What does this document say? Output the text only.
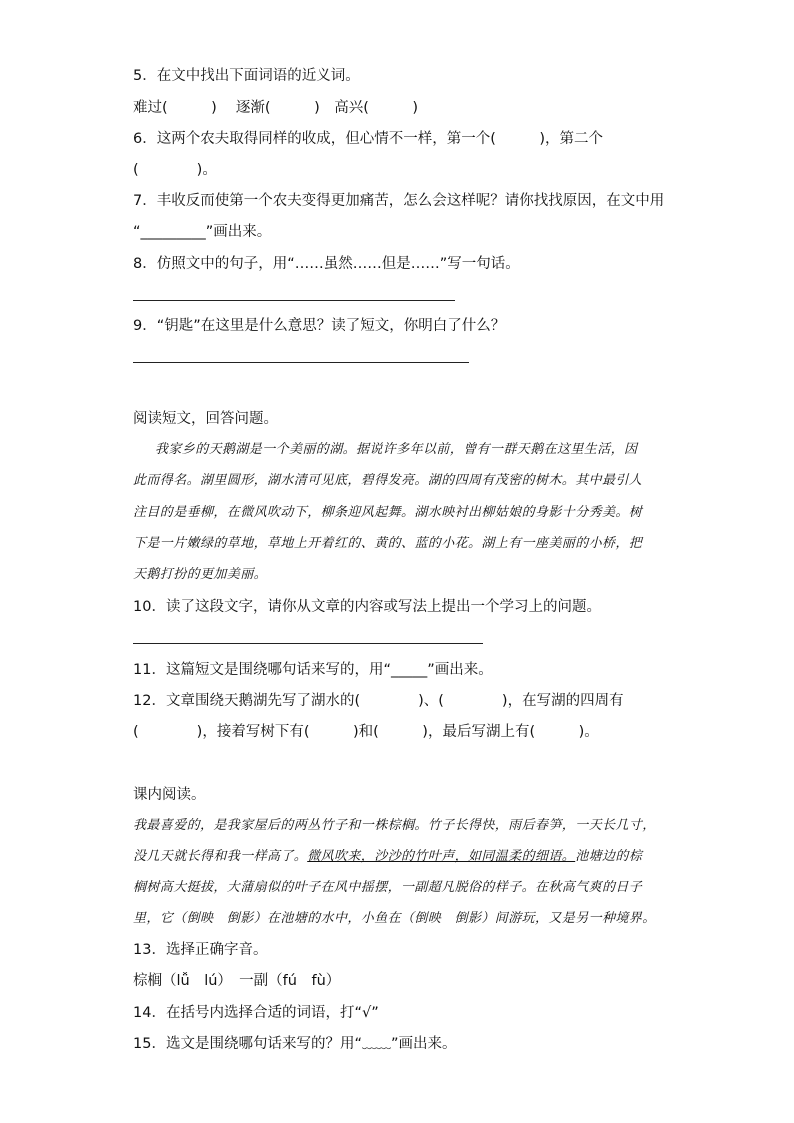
5．在文中找出下面词语的近义词。
难过(　　　)　 逐渐(　　　)　高兴(　　　)
6．这两个农夫取得同样的收成，但心情不一样，第一个(　　　)，第二个
(　　　　)。
7．丰收反而使第一个农夫变得更加痛苦，怎么会这样呢？请你找找原因，在文中用
“_________”画出来。
8．仿照文中的句子，用“……虽然……但是……”写一句话。
9．“钥匙”在这里是什么意思？读了短文，你明白了什么？
阅读短文，回答问题。
我家乡的天鹅湖是一个美丽的湖。据说许多年以前，曾有一群天鹅在这里生活，因
此而得名。湖里圆形，湖水清可见底，碧得发亮。湖的四周有茂密的树木。其中最引人
注目的是垂柳，在微风吹动下，柳条迎风起舞。湖水映衬出柳姑娘的身影十分秀美。树
下是一片嫩绿的草地，草地上开着红的、黄的、蓝的小花。湖上有一座美丽的小桥，把
天鹅打扮的更加美丽。
10．读了这段文字，请你从文章的内容或写法上提出一个学习上的问题。
11．这篇短文是围绕哪句话来写的，用“_____”画出来。
12．文章围绕天鹅湖先写了湖水的(　　　　)、(　　　　)，在写湖的四周有
(　　　　)，接着写树下有(　　　)和(　　　)，最后写湖上有(　　　)。
课内阅读。
我最喜爱的，是我家屋后的两丛竹子和一株棕榈。竹子长得快，雨后春笋，一天长几寸，
没几天就长得和我一样高了。微风吹来，沙沙的竹叶声，如同温柔的细语。池塘边的棕
榈树高大挺拔，大蒲扇似的叶子在风中摇摆，一副超凡脱俗的样子。在秋高气爽的日子
里，它（倒映　倒影）在池塘的水中，小鱼在（倒映　倒影）间游玩，又是另一种境界。
13．选择正确字音。
棕榈（lǚ　lú）　一副（fú　fù）
14．在括号内选择合适的词语，打“√”
15．选文是围绕哪句话来写的？用“﹏﹏”画出来。
